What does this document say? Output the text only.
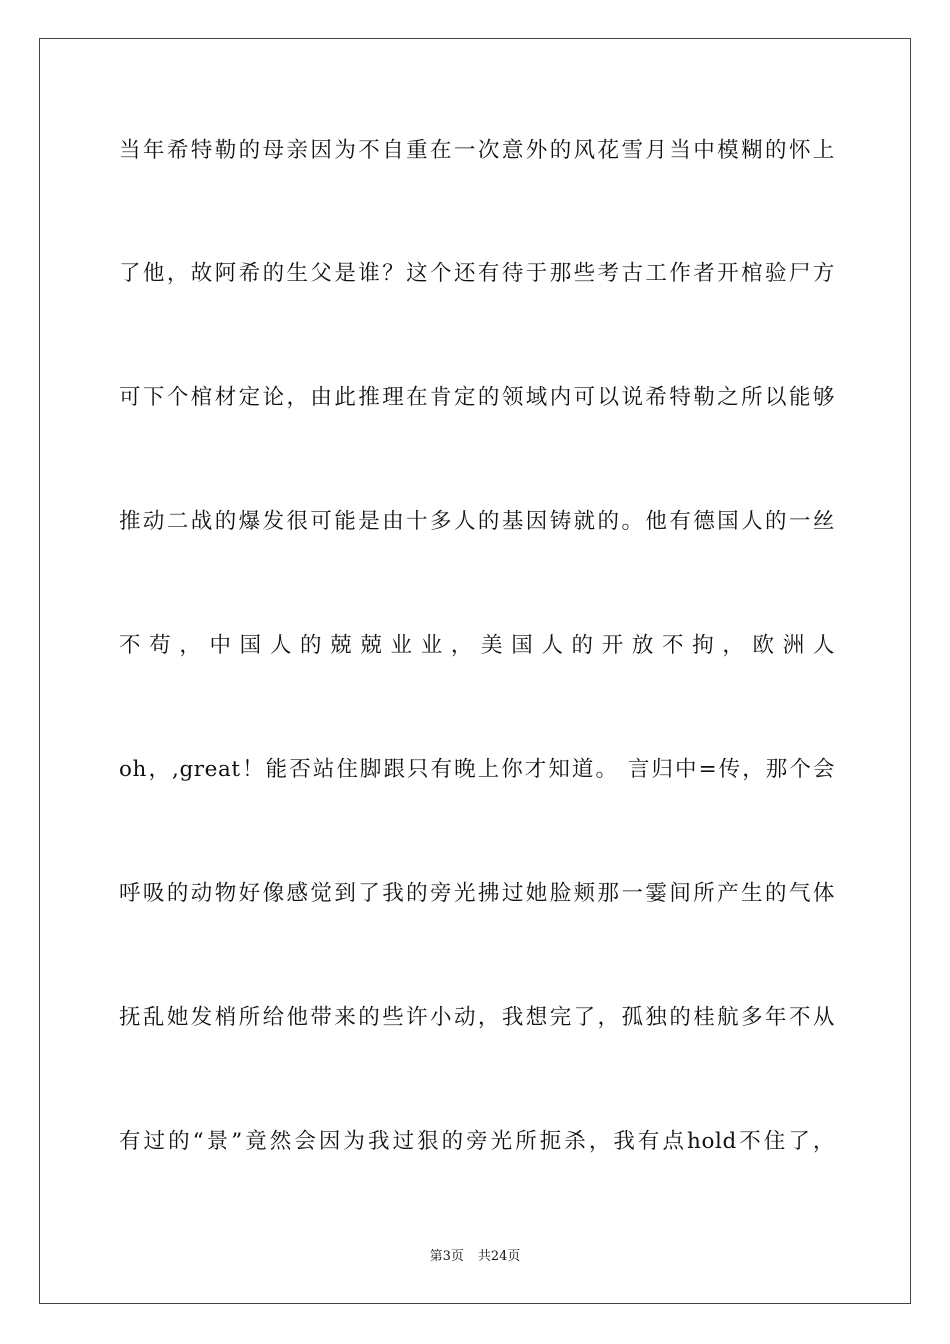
当年希特勒的母亲因为不自重在一次意外的风花雪月当中模糊的怀上
了他，故阿希的生父是谁？这个还有待于那些考古工作者开棺验尸方
可下个棺材定论，由此推理在肯定的领域内可以说希特勒之所以能够
推动二战的爆发很可能是由十多人的基因铸就的。他有德国人的一丝
不苟，中国人的兢兢业业，美国人的开放不拘，欧洲人
oh，,great！能否站住脚跟只有晚上你才知道。 言归中=传，那个会
呼吸的动物好像感觉到了我的旁光拂过她脸颊那一霎间所产生的气体
抚乱她发梢所给他带来的些许小动，我想完了，孤独的桂航多年不从
有过的“景”竟然会因为我过狠的旁光所扼杀，我有点hold不住了，
第3页 共24页
